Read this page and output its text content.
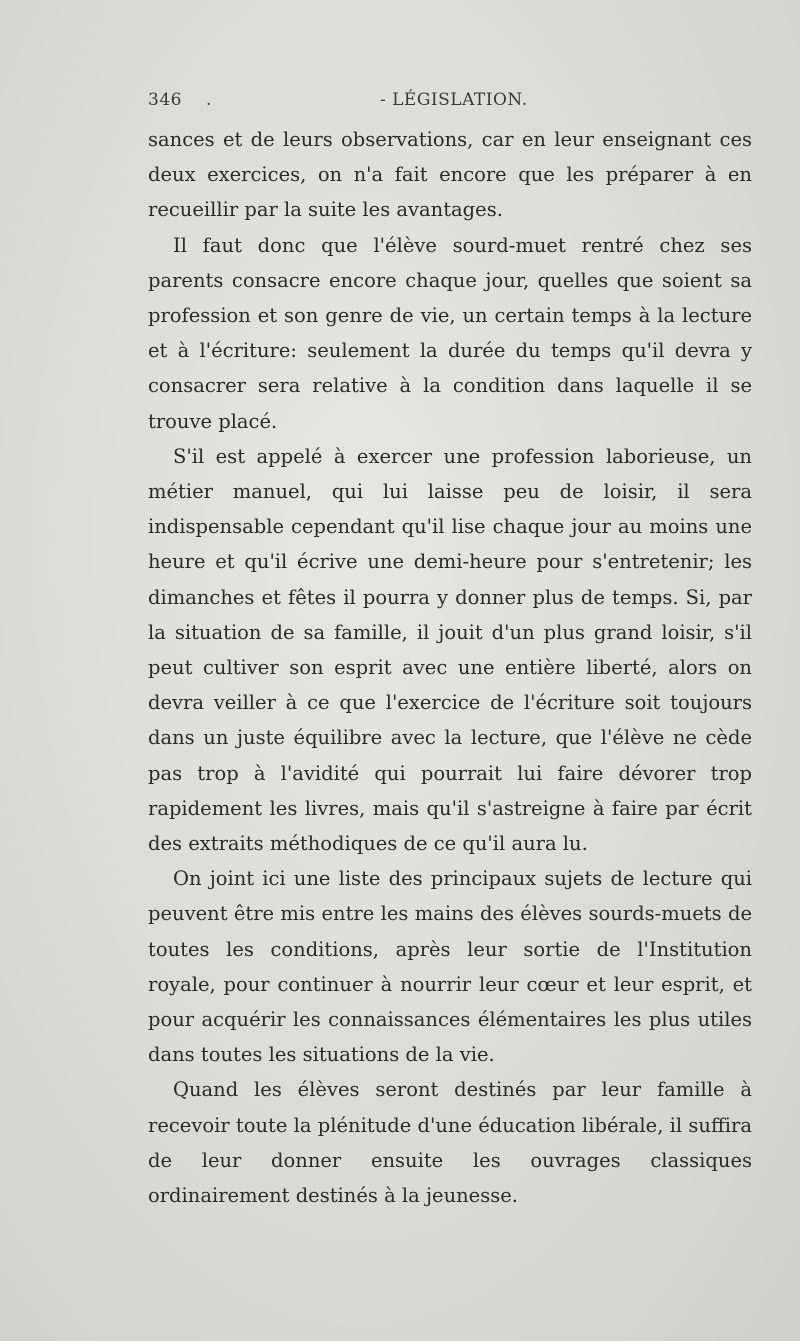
346 .	- LÉGISLATION.

sances et de leurs observations, car en leur enseignant ces deux exercices, on n'a fait encore que les préparer à en recueillir par la suite les avantages.

Il faut donc que l'élève sourd-muet rentré chez ses parents consacre encore chaque jour, quelles que soient sa profession et son genre de vie, un certain temps à la lecture et à l'écriture: seulement la durée du temps qu'il devra y consacrer sera relative à la condition dans laquelle il se trouve placé.

S'il est appelé à exercer une profession laborieuse, un métier manuel, qui lui laisse peu de loisir, il sera indispensable cependant qu'il lise chaque jour au moins une heure et qu'il écrive une demi-heure pour s'entretenir; les dimanches et fêtes il pourra y donner plus de temps. Si, par la situation de sa famille, il jouit d'un plus grand loisir, s'il peut cultiver son esprit avec une entière liberté, alors on devra veiller à ce que l'exercice de l'écriture soit toujours dans un juste équilibre avec la lecture, que l'élève ne cède pas trop à l'avidité qui pourrait lui faire dévorer trop rapidement les livres, mais qu'il s'astreigne à faire par écrit des extraits méthodiques de ce qu'il aura lu.

On joint ici une liste des principaux sujets de lecture qui peuvent être mis entre les mains des élèves sourds-muets de toutes les conditions, après leur sortie de l'Institution royale, pour continuer à nourrir leur cœur et leur esprit, et pour acquérir les connaissances élémentaires les plus utiles dans toutes les situations de la vie.

Quand les élèves seront destinés par leur famille à recevoir toute la plénitude d'une éducation libérale, il suffira de leur donner ensuite les ouvrages classiques ordinairement destinés à la jeunesse.
